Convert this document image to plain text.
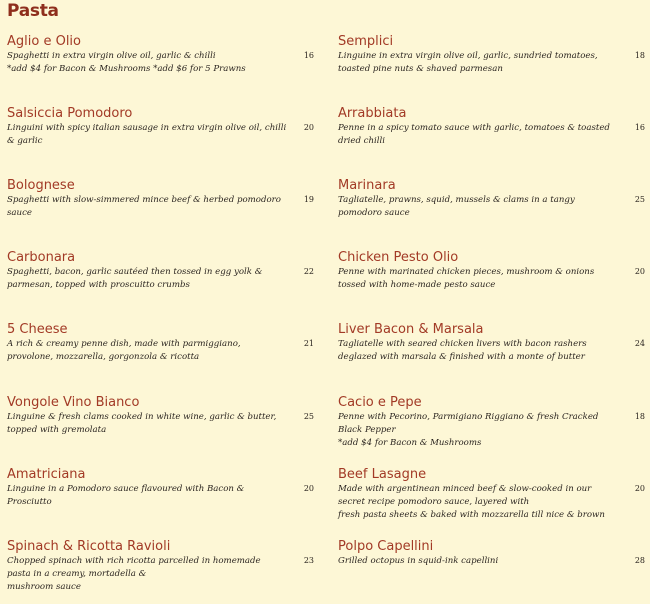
Pasta
Aglio e Olio
Spaghetti in extra virgin olive oil, garlic & chilli
*add $4 for Bacon & Mushrooms *add $6 for 5 Prawns
16
Salsiccia Pomodoro
Linguini with spicy italian sausage in extra virgin olive oil, chilli
& garlic
20
Bolognese
Spaghetti with slow-simmered mince beef & herbed pomodoro
sauce
19
Carbonara
Spaghetti, bacon, garlic sautéed then tossed in egg yolk &
parmesan, topped with proscuitto crumbs
22
5 Cheese
A rich & creamy penne dish, made with parmiggiano,
provolone, mozzarella, gorgonzola & ricotta
21
Vongole Vino Bianco
Linguine & fresh clams cooked in white wine, garlic & butter,
topped with gremolata
25
Amatriciana
Linguine in a Pomodoro sauce flavoured with Bacon &
Prosciutto
20
Spinach & Ricotta Ravioli
Chopped spinach with rich ricotta parcelled in homemade
pasta in a creamy, mortadella &
mushroom sauce
23
Semplici
Linguine in extra virgin olive oil, garlic, sundried tomatoes,
toasted pine nuts & shaved parmesan
18
Arrabbiata
Penne in a spicy tomato sauce with garlic, tomatoes & toasted
dried chilli
16
Marinara
Tagliatelle, prawns, squid, mussels & clams in a tangy
pomodoro sauce
25
Chicken Pesto Olio
Penne with marinated chicken pieces, mushroom & onions
tossed with home-made pesto sauce
20
Liver Bacon & Marsala
Tagliatelle with seared chicken livers with bacon rashers
deglazed with marsala & finished with a monte of butter
24
Cacio e Pepe
Penne with Pecorino, Parmigiano Riggiano & fresh Cracked
Black Pepper
*add $4 for Bacon & Mushrooms
18
Beef Lasagne
Made with argentinean minced beef & slow-cooked in our
secret recipe pomodoro sauce, layered with
fresh pasta sheets & baked with mozzarella till nice & brown
20
Polpo Capellini
Grilled octopus in squid-ink capellini	28
